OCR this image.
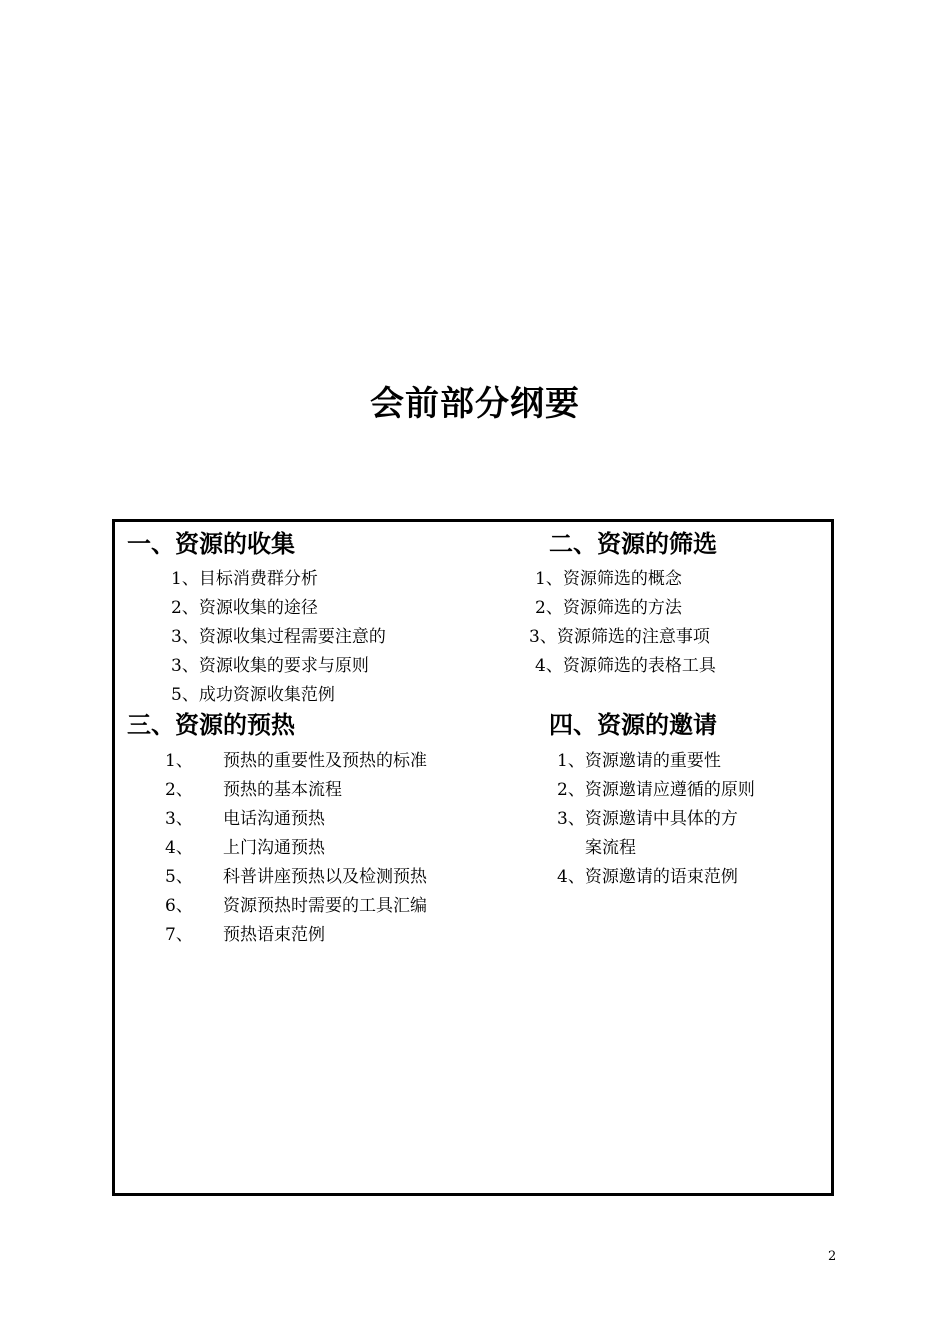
会前部分纲要
一、资源的收集
1、目标消费群分析
2、资源收集的途径
3、资源收集过程需要注意的
3、资源收集的要求与原则
5、成功资源收集范例
二、资源的筛选
1、资源筛选的概念
2、资源筛选的方法
3、资源筛选的注意事项
4、资源筛选的表格工具
三、资源的预热
1、 预热的重要性及预热的标准
2、 预热的基本流程
3、 电话沟通预热
4、 上门沟通预热
5、 科普讲座预热以及检测预热
6、 资源预热时需要的工具汇编
7、 预热语束范例
四、资源的邀请
1、资源邀请的重要性
2、资源邀请应遵循的原则
3、资源邀请中具体的方
案流程
4、资源邀请的语束范例
2
